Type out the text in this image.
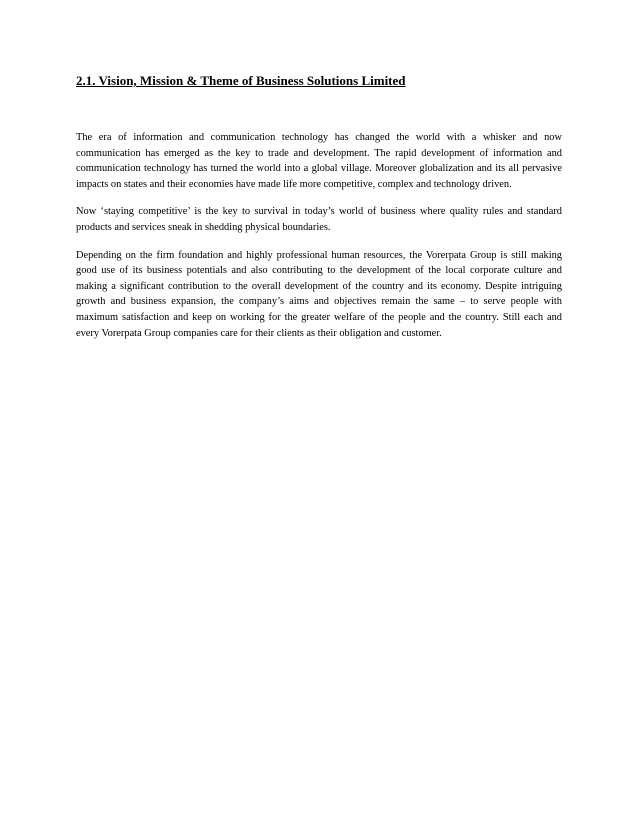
2.1. Vision, Mission & Theme of Business Solutions Limited

The era of information and communication technology has changed the world with a whisker and now communication has emerged as the key to trade and development. The rapid development of information and communication technology has turned the world into a global village. Moreover globalization and its all pervasive impacts on states and their economies have made life more competitive, complex and technology driven.

Now ‘staying competitive’ is the key to survival in today’s world of business where quality rules and standard products and services sneak in shedding physical boundaries.

Depending on the firm foundation and highly professional human resources, the Vorerpata Group is still making good use of its business potentials and also contributing to the development of the local corporate culture and making a significant contribution to the overall development of the country and its economy. Despite intriguing growth and business expansion, the company’s aims and objectives remain the same – to serve people with maximum satisfaction and keep on working for the greater welfare of the people and the country. Still each and every Vorerpata Group companies care for their clients as their obligation and customer.
